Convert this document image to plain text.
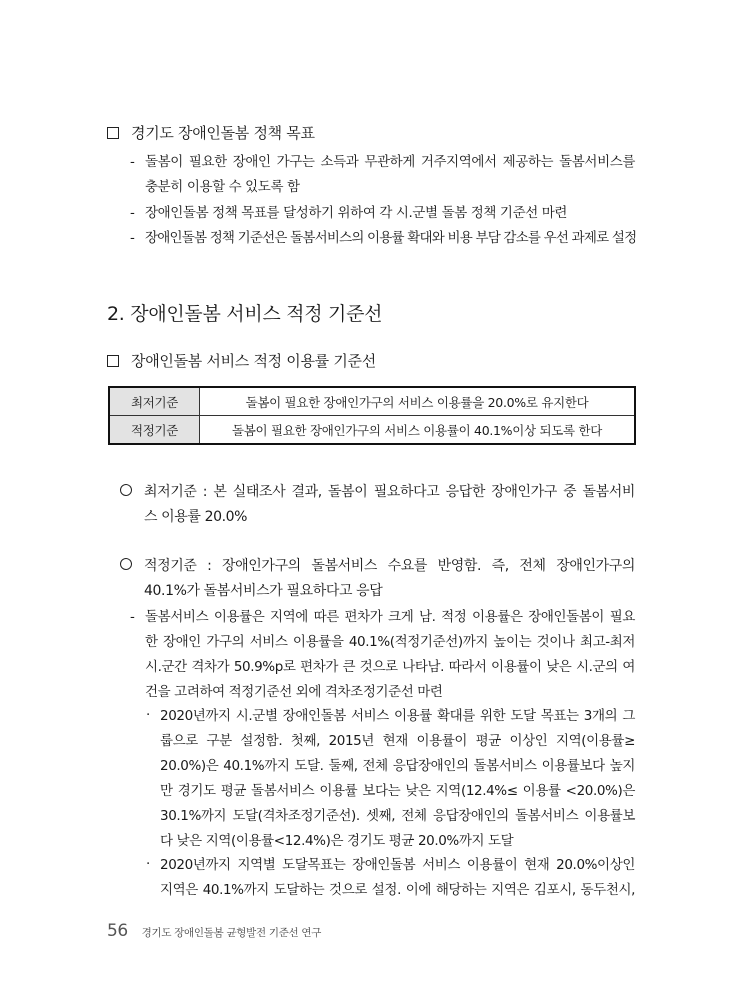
경기도 장애인돌봄 정책 목표
- 돌봄이 필요한 장애인 가구는 소득과 무관하게 거주지역에서 제공하는 돌봄서비스를
충분히 이용할 수 있도록 함
- 장애인돌봄 정책 목표를 달성하기 위하여 각 시.군별 돌봄 정책 기준선 마련
- 장애인돌봄 정책 기준선은 돌봄서비스의 이용률 확대와 비용 부담 감소를 우선 과제로 설정
2. 장애인돌봄 서비스 적정 기준선
장애인돌봄 서비스 적정 이용률 기준선
최저기준	돌봄이 필요한 장애인가구의 서비스 이용률을 20.0%로 유지한다
적정기준	돌봄이 필요한 장애인가구의 서비스 이용률이 40.1%이상 되도록 한다
최저기준 : 본 실태조사 결과, 돌봄이 필요하다고 응답한 장애인가구 중 돌봄서비
스 이용률 20.0%
적정기준 : 장애인가구의 돌봄서비스 수요를 반영함. 즉, 전체 장애인가구의
40.1%가 돌봄서비스가 필요하다고 응답
- 돌봄서비스 이용률은 지역에 따른 편차가 크게 남. 적정 이용률은 장애인돌봄이 필요
한 장애인 가구의 서비스 이용률을 40.1%(적정기준선)까지 높이는 것이나 최고-최저
시.군간 격차가 50.9%p로 편차가 큰 것으로 나타남. 따라서 이용률이 낮은 시.군의 여
건을 고려하여 적정기준선 외에 격차조정기준선 마련
· 2020년까지 시.군별 장애인돌봄 서비스 이용률 확대를 위한 도달 목표는 3개의 그
룹으로 구분 설정함. 첫째, 2015년 현재 이용률이 평균 이상인 지역(이용률≥
20.0%)은 40.1%까지 도달. 둘째, 전체 응답장애인의 돌봄서비스 이용률보다 높지
만 경기도 평균 돌봄서비스 이용률 보다는 낮은 지역(12.4%≤ 이용률 <20.0%)은
30.1%까지 도달(격차조정기준선). 셋째, 전체 응답장애인의 돌봄서비스 이용률보
다 낮은 지역(이용률<12.4%)은 경기도 평균 20.0%까지 도달
· 2020년까지 지역별 도달목표는 장애인돌봄 서비스 이용률이 현재 20.0%이상인
지역은 40.1%까지 도달하는 것으로 설정. 이에 해당하는 지역은 김포시, 동두천시,
56 경기도 장애인돌봄 균형발전 기준선 연구
